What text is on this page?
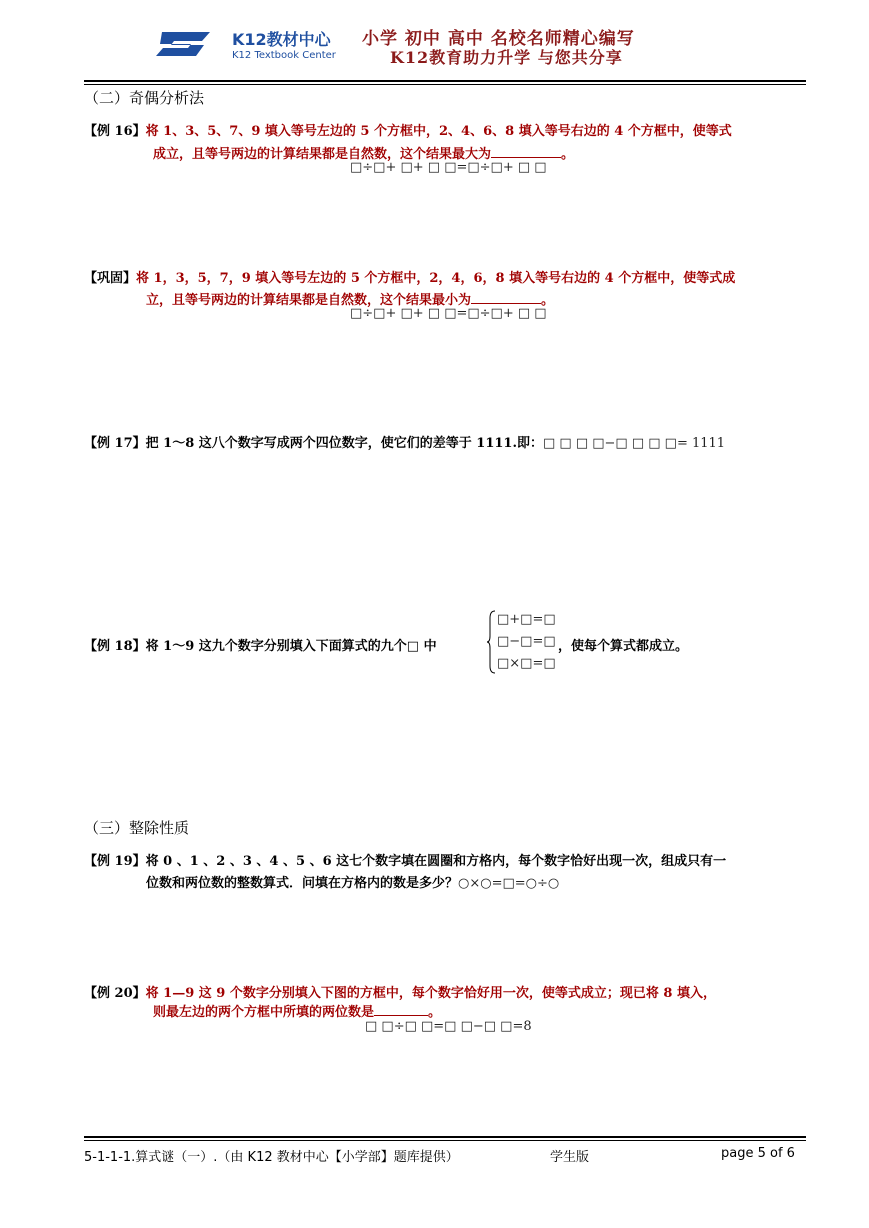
K12教材中心
K12 Textbook Center
小学 初中 高中 名校名师精心编写
K12教育助力升学 与您共分享
（二）奇偶分析法
【例 16】将 1、3、5、7、9 填入等号左边的 5 个方框中，2、4、6、8 填入等号右边的 4 个方框中，使等式
成立，且等号两边的计算结果都是自然数，这个结果最大为	。
□÷□+ □+ □ □=□÷□+ □ □
【巩固】将 1，3，5，7，9 填入等号左边的 5 个方框中，2，4，6，8 填入等号右边的 4 个方框中，使等式成
立，且等号两边的计算结果都是自然数，这个结果最小为	。
□÷□+ □+ □ □=□÷□+ □ □
【例 17】把 1～8 这八个数字写成两个四位数字，使它们的差等于 1111.即：□ □ □ □−□ □ □ □= 1111
【例 18】将 1～9 这九个数字分别填入下面算式的九个□ 中
□+□=□
□−□=□
□×□=□
，使每个算式都成立。
（三）整除性质
【例 19】将 0 、1 、2 、3 、4 、5 、6 这七个数字填在圆圈和方格内，每个数字恰好出现一次，组成只有一
位数和两位数的整数算式．问填在方格内的数是多少？○×○=□=○÷○
【例 20】将 1—9 这 9 个数字分别填入下图的方框中，每个数字恰好用一次，使等式成立；现已将 8 填入，
则最左边的两个方框中所填的两位数是	。
□ □÷□ □=□ □−□ □=8
5-1-1-1.算式谜（一）.（由 K12 教材中心【小学部】题库提供）	学生版	page 5 of 6
